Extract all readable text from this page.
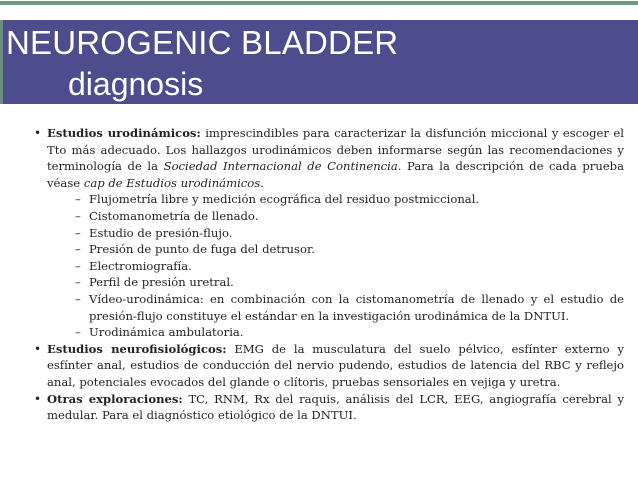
NEUROGENIC BLADDER
diagnosis
• Estudios urodinámicos: imprescindibles para caracterizar la disfunción miccional y escoger el Tto más adecuado. Los hallazgos urodinámicos deben informarse según las recomendaciones y terminología de la Sociedad Internacional de Continencia. Para la descripción de cada prueba véase cap de Estudios urodinámicos.
– Flujometría libre y medición ecográfica del residuo postmiccional.
– Cistomanometría de llenado.
– Estudio de presión-flujo.
– Presión de punto de fuga del detrusor.
– Electromiografía.
– Perfil de presión uretral.
– Vídeo-urodinámica: en combinación con la cistomanometría de llenado y el estudio de presión-flujo constituye el estándar en la investigación urodinámica de la DNTUI.
– Urodinámica ambulatoria.
• Estudios neurofisiológicos: EMG de la musculatura del suelo pélvico, esfínter externo y esfínter anal, estudios de conducción del nervio pudendo, estudios de latencia del RBC y reflejo anal, potenciales evocados del glande o clítoris, pruebas sensoriales en vejiga y uretra.
• Otras exploraciones: TC, RNM, Rx del raquis, análisis del LCR, EEG, angiografía cerebral y medular. Para el diagnóstico etiológico de la DNTUI.
